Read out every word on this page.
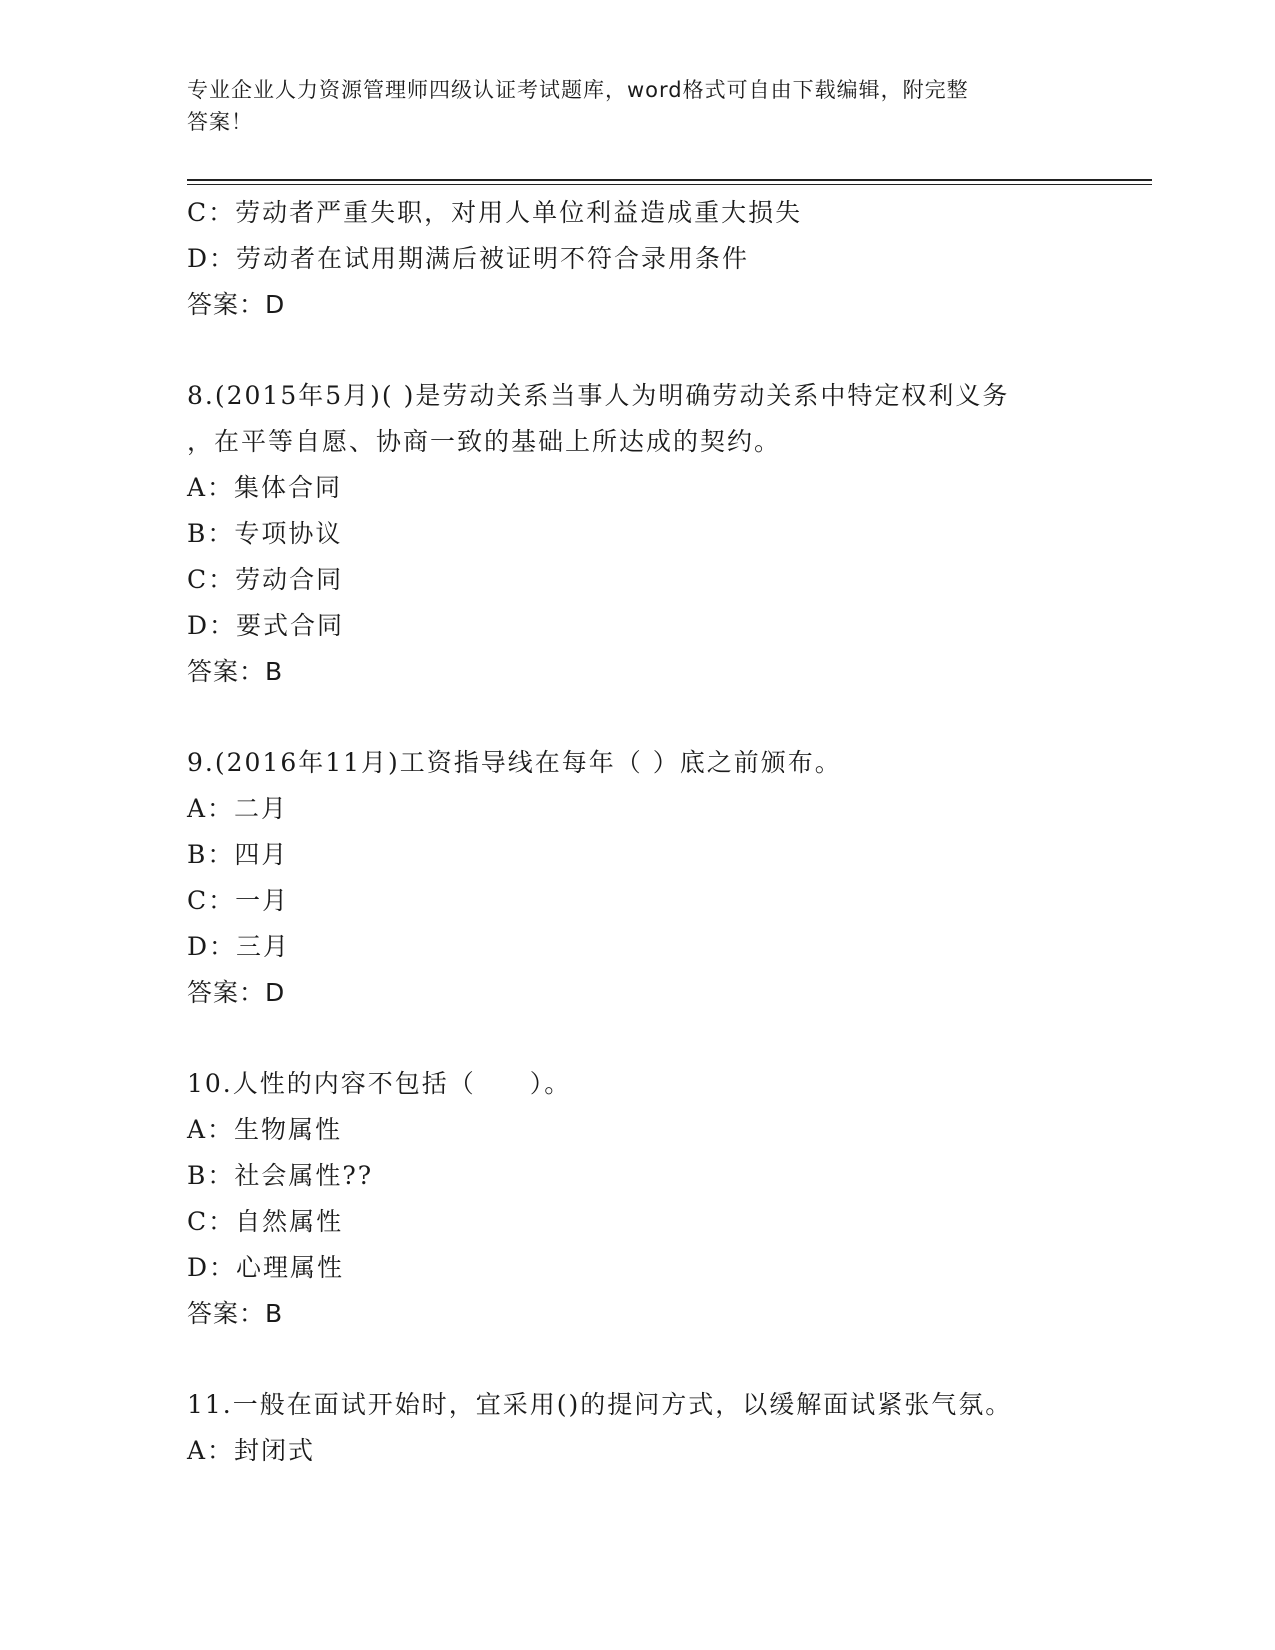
专业企业人力资源管理师四级认证考试题库，word格式可自由下载编辑，附完整
答案！
C：劳动者严重失职，对用人单位利益造成重大损失
D：劳动者在试用期满后被证明不符合录用条件
答案：D
8.(2015年5月)( )是劳动关系当事人为明确劳动关系中特定权利义务
，在平等自愿、协商一致的基础上所达成的契约。
A：集体合同
B：专项协议
C：劳动合同
D：要式合同
答案：B
9.(2016年11月)工资指导线在每年（ ）底之前颁布。
A：二月
B：四月
C：一月
D：三月
答案：D
10.人性的内容不包括（　　）。
A：生物属性
B：社会属性??
C：自然属性
D：心理属性
答案：B
11.一般在面试开始时，宜采用()的提问方式，以缓解面试紧张气氛。
A：封闭式
